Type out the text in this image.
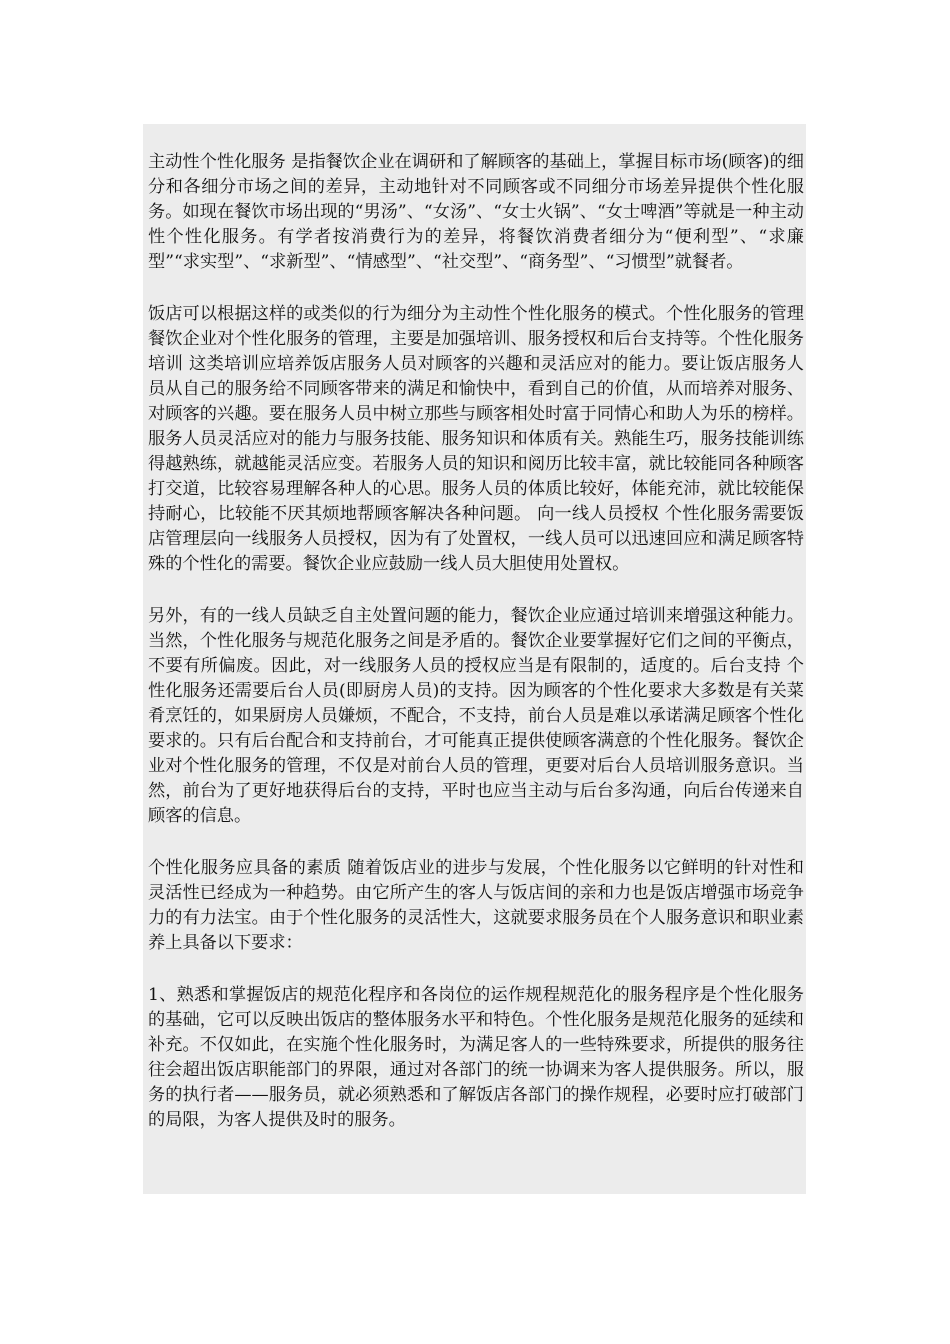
主动性个性化服务 是指餐饮企业在调研和了解顾客的基础上，掌握目标市场(顾客)的细分和各细分市场之间的差异，主动地针对不同顾客或不同细分市场差异提供个性化服务。如现在餐饮市场出现的“男汤”、“女汤”、“女士火锅”、“女士啤酒”等就是一种主动性个性化服务。有学者按消费行为的差异，将餐饮消费者细分为“便利型”、“求廉型”“求实型”、“求新型”、“情感型”、“社交型”、“商务型”、“习惯型”就餐者。

饭店可以根据这样的或类似的行为细分为主动性个性化服务的模式。个性化服务的管理餐饮企业对个性化服务的管理，主要是加强培训、服务授权和后台支持等。个性化服务培训 这类培训应培养饭店服务人员对顾客的兴趣和灵活应对的能力。要让饭店服务人员从自己的服务给不同顾客带来的满足和愉快中，看到自己的价值，从而培养对服务、对顾客的兴趣。要在服务人员中树立那些与顾客相处时富于同情心和助人为乐的榜样。服务人员灵活应对的能力与服务技能、服务知识和体质有关。熟能生巧，服务技能训练得越熟练，就越能灵活应变。若服务人员的知识和阅历比较丰富，就比较能同各种顾客打交道，比较容易理解各种人的心思。服务人员的体质比较好，体能充沛，就比较能保持耐心，比较能不厌其烦地帮顾客解决各种问题。 向一线人员授权 个性化服务需要饭店管理层向一线服务人员授权，因为有了处置权，一线人员可以迅速回应和满足顾客特殊的个性化的需要。餐饮企业应鼓励一线人员大胆使用处置权。

另外，有的一线人员缺乏自主处置问题的能力，餐饮企业应通过培训来增强这种能力。当然，个性化服务与规范化服务之间是矛盾的。餐饮企业要掌握好它们之间的平衡点，不要有所偏废。因此，对一线服务人员的授权应当是有限制的，适度的。后台支持 个性化服务还需要后台人员(即厨房人员)的支持。因为顾客的个性化要求大多数是有关菜肴烹饪的，如果厨房人员嫌烦，不配合，不支持，前台人员是难以承诺满足顾客个性化要求的。只有后台配合和支持前台，才可能真正提供使顾客满意的个性化服务。餐饮企业对个性化服务的管理，不仅是对前台人员的管理，更要对后台人员培训服务意识。当然，前台为了更好地获得后台的支持，平时也应当主动与后台多沟通，向后台传递来自顾客的信息。

个性化服务应具备的素质 随着饭店业的进步与发展，个性化服务以它鲜明的针对性和灵活性已经成为一种趋势。由它所产生的客人与饭店间的亲和力也是饭店增强市场竞争力的有力法宝。由于个性化服务的灵活性大，这就要求服务员在个人服务意识和职业素养上具备以下要求：

1、熟悉和掌握饭店的规范化程序和各岗位的运作规程规范化的服务程序是个性化服务的基础，它可以反映出饭店的整体服务水平和特色。个性化服务是规范化服务的延续和补充。不仅如此，在实施个性化服务时，为满足客人的一些特殊要求，所提供的服务往往会超出饭店职能部门的界限，通过对各部门的统一协调来为客人提供服务。所以，服务的执行者——服务员，就必须熟悉和了解饭店各部门的操作规程，必要时应打破部门的局限，为客人提供及时的服务。
